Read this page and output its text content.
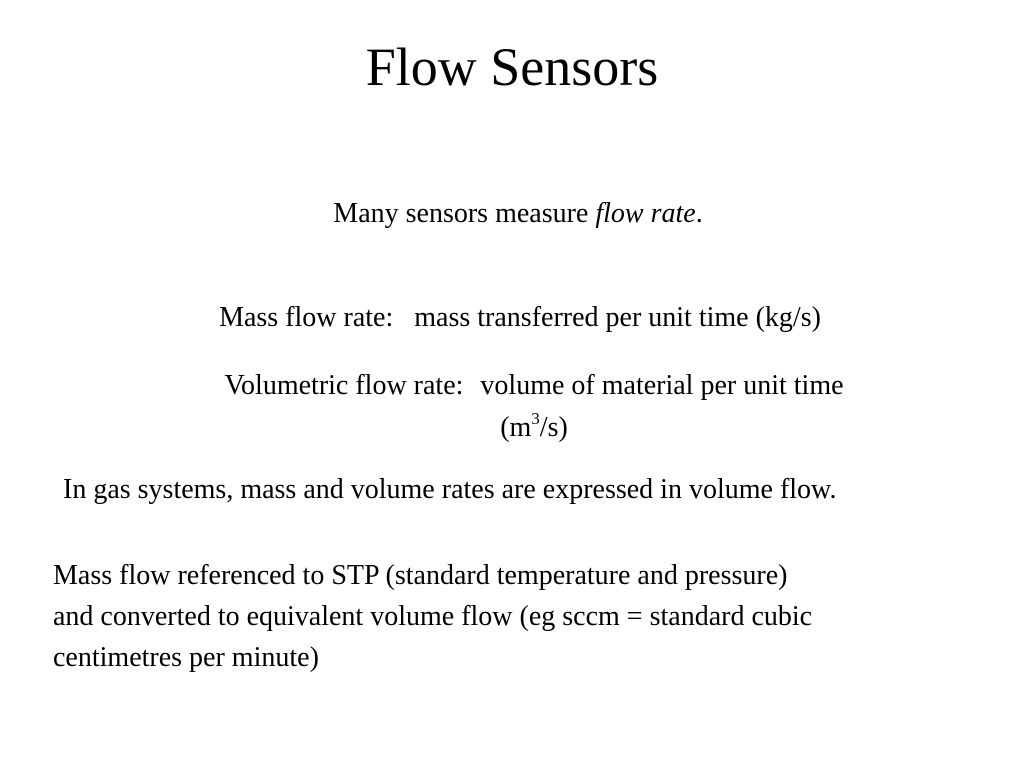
Flow Sensors
Many sensors measure flow rate.
Mass flow rate: mass transferred per unit time (kg/s)
Volumetric flow rate: volume of material per unit time
$(m^3/s)$
In gas systems, mass and volume rates are expressed in volume flow.
Mass flow referenced to STP (standard temperature and pressure)
and converted to equivalent volume flow (eg sccm = standard cubic
centimetres per minute)
